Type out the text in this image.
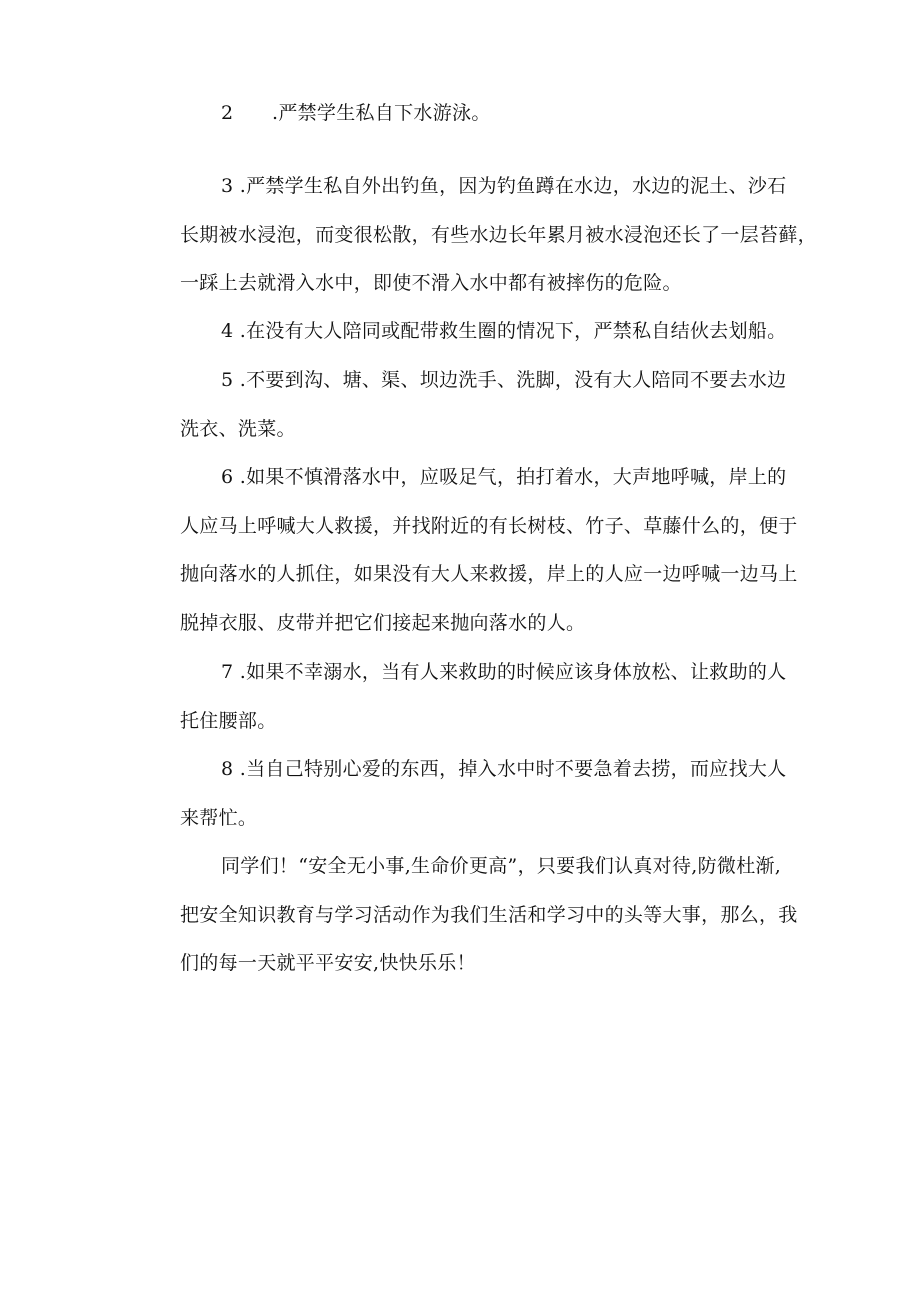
2　　.严禁学生私自下水游泳。
3 .严禁学生私自外出钓鱼，因为钓鱼蹲在水边，水边的泥土、沙石
长期被水浸泡，而变很松散，有些水边长年累月被水浸泡还长了一层苔藓，
一踩上去就滑入水中，即使不滑入水中都有被摔伤的危险。
4 .在没有大人陪同或配带救生圈的情况下，严禁私自结伙去划船。
5 .不要到沟、塘、渠、坝边洗手、洗脚，没有大人陪同不要去水边
洗衣、洗菜。
6 .如果不慎滑落水中，应吸足气，拍打着水，大声地呼喊，岸上的
人应马上呼喊大人救援，并找附近的有长树枝、竹子、草藤什么的，便于
抛向落水的人抓住，如果没有大人来救援，岸上的人应一边呼喊一边马上
脱掉衣服、皮带并把它们接起来抛向落水的人。
7 .如果不幸溺水，当有人来救助的时候应该身体放松、让救助的人
托住腰部。
8 .当自己特别心爱的东西，掉入水中时不要急着去捞，而应找大人
来帮忙。
同学们！“安全无小事,生命价更高”，只要我们认真对待,防微杜渐,
把安全知识教育与学习活动作为我们生活和学习中的头等大事，那么，我
们的每一天就平平安安,快快乐乐！
